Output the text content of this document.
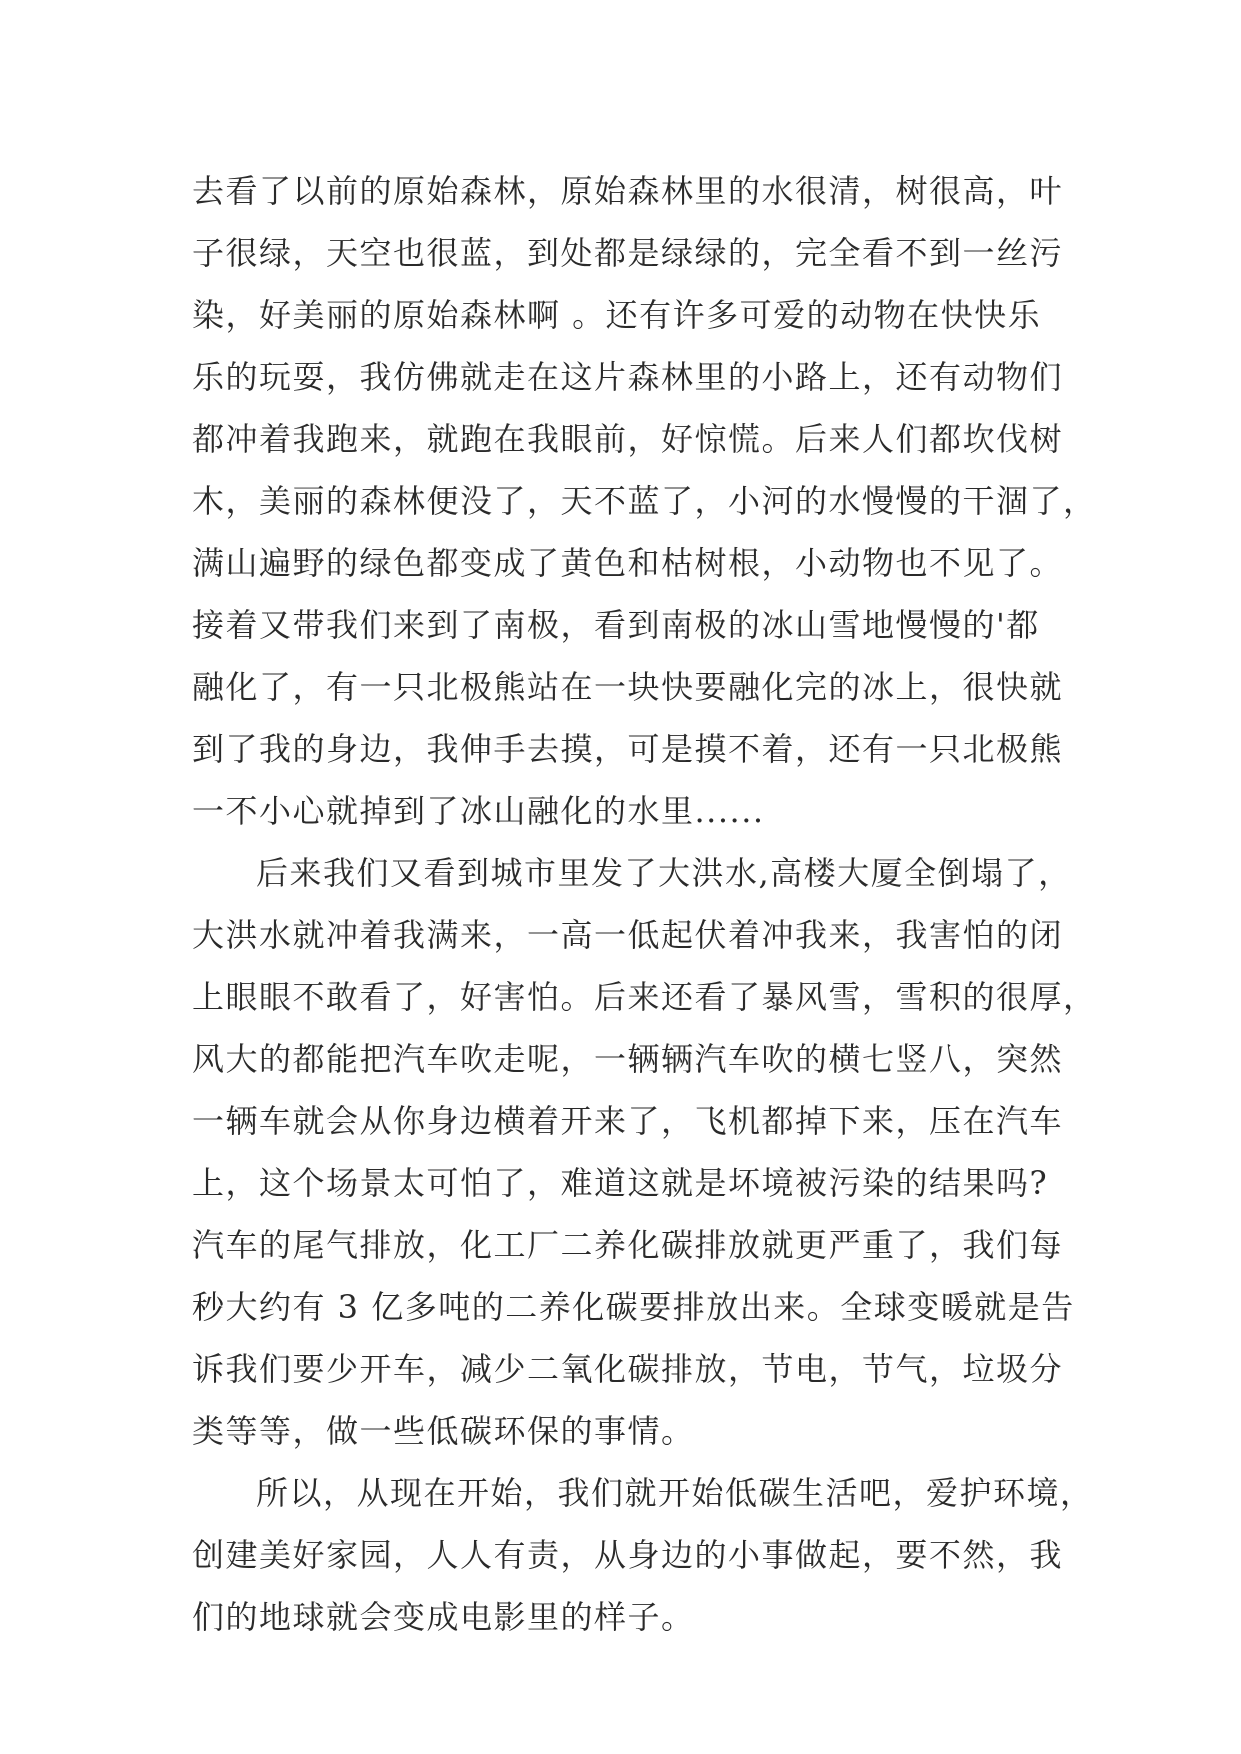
去看了以前的原始森林，原始森林里的水很清，树很高，叶
子很绿，天空也很蓝，到处都是绿绿的，完全看不到一丝污
染，好美丽的原始森林啊 。还有许多可爱的动物在快快乐
乐的玩耍，我仿佛就走在这片森林里的小路上，还有动物们
都冲着我跑来，就跑在我眼前，好惊慌。后来人们都坎伐树
木，美丽的森林便没了，天不蓝了，小河的水慢慢的干涸了，
满山遍野的绿色都变成了黄色和枯树根，小动物也不见了。
接着又带我们来到了南极，看到南极的冰山雪地慢慢的'都
融化了，有一只北极熊站在一块快要融化完的冰上，很快就
到了我的身边，我伸手去摸，可是摸不着，还有一只北极熊
一不小心就掉到了冰山融化的水里......
后来我们又看到城市里发了大洪水,高楼大厦全倒塌了，
大洪水就冲着我满来，一高一低起伏着冲我来，我害怕的闭
上眼眼不敢看了，好害怕。后来还看了暴风雪，雪积的很厚，
风大的都能把汽车吹走呢，一辆辆汽车吹的横七竖八，突然
一辆车就会从你身边横着开来了，飞机都掉下来，压在汽车
上，这个场景太可怕了，难道这就是坏境被污染的结果吗?
汽车的尾气排放，化工厂二养化碳排放就更严重了，我们每
秒大约有 3 亿多吨的二养化碳要排放出来。全球变暖就是告
诉我们要少开车，减少二氧化碳排放，节电，节气，垃圾分
类等等，做一些低碳环保的事情。
所以，从现在开始，我们就开始低碳生活吧，爱护环境，
创建美好家园，人人有责，从身边的小事做起，要不然，我
们的地球就会变成电影里的样子。
